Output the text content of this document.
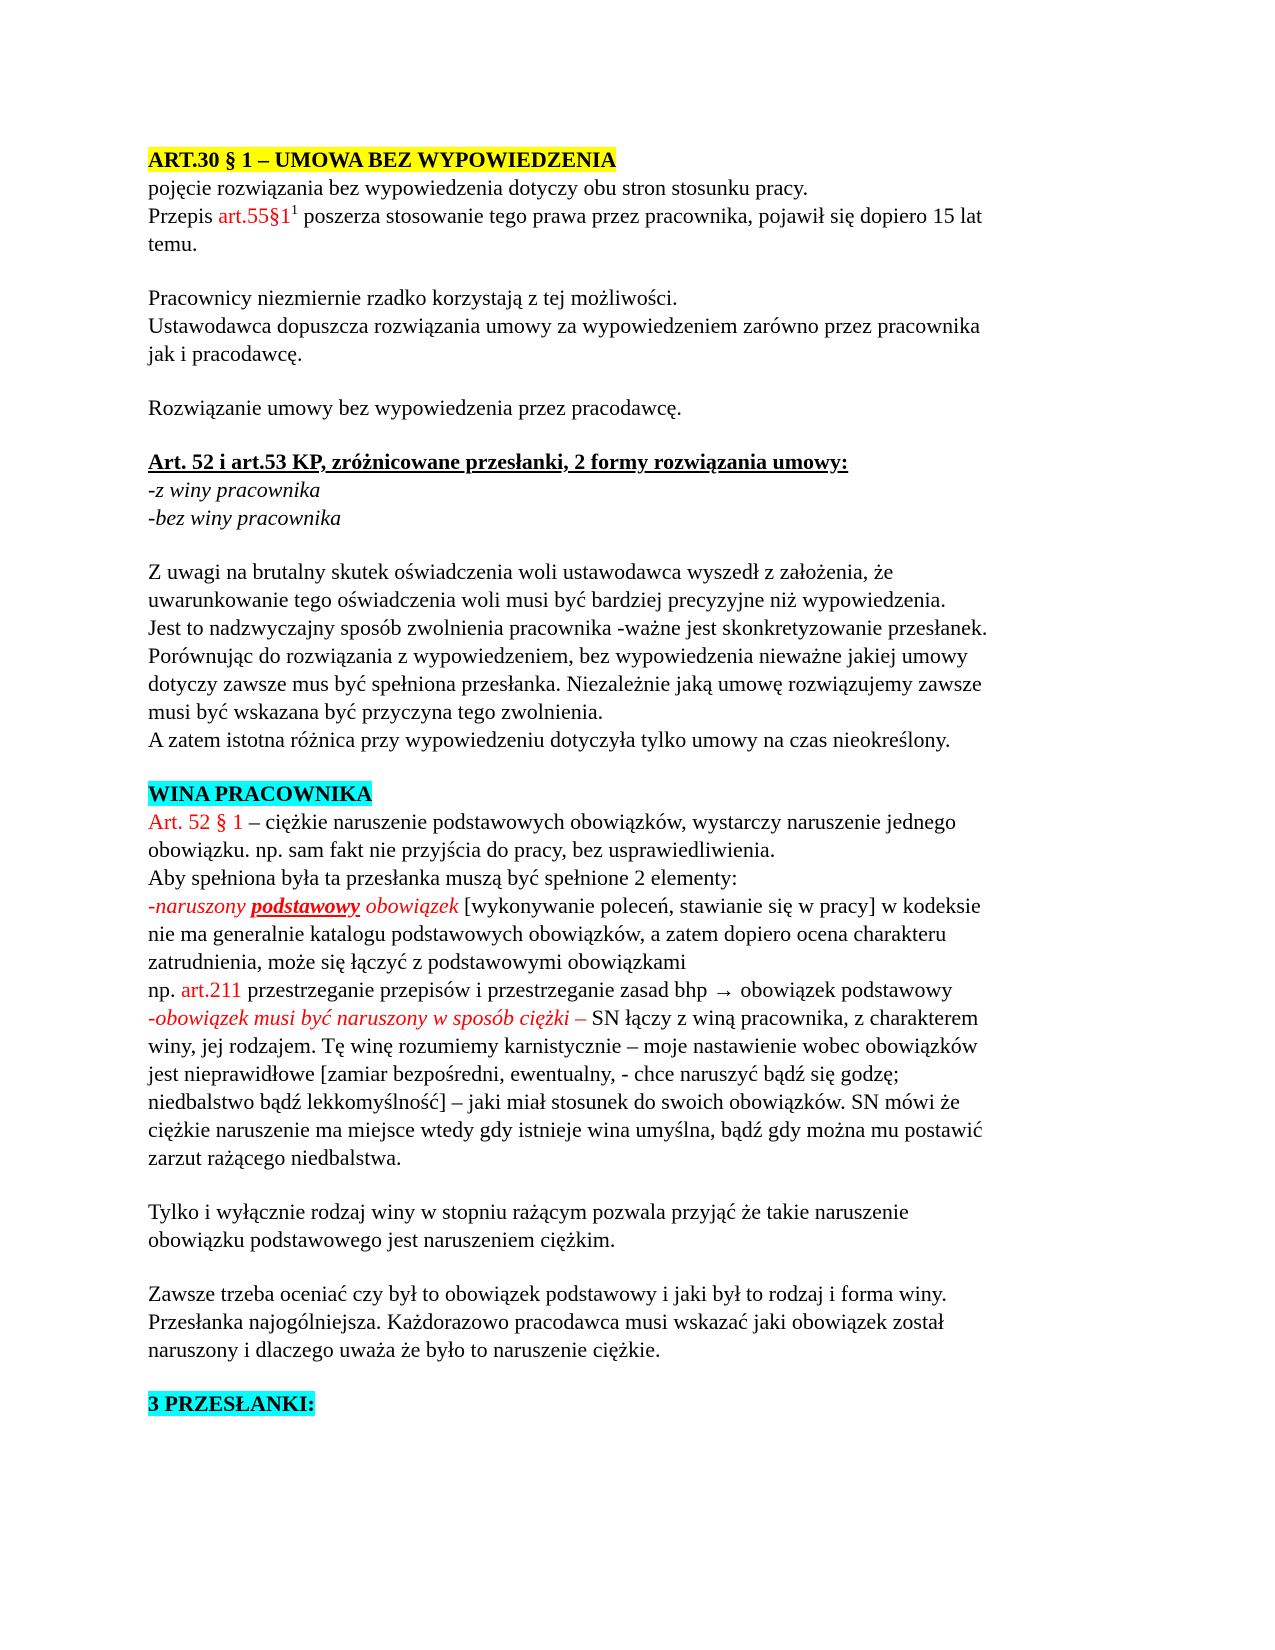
ART.30 § 1 – UMOWA BEZ WYPOWIEDZENIA
pojęcie rozwiązania bez wypowiedzenia dotyczy obu stron stosunku pracy.
Przepis $art.55\S 1^1$ poszerza stosowanie tego prawa przez pracownika, pojawił się dopiero 15 lat
temu.
Pracownicy niezmiernie rzadko korzystają z tej możliwości.
Ustawodawca dopuszcza rozwiązania umowy za wypowiedzeniem zarówno przez pracownika
jak i pracodawcę.
Rozwiązanie umowy bez wypowiedzenia przez pracodawcę.
Art. 52 i art.53 KP, zróżnicowane przesłanki, 2 formy rozwiązania umowy:
-z winy pracownika
-bez winy pracownika
Z uwagi na brutalny skutek oświadczenia woli ustawodawca wyszedł z założenia, że
uwarunkowanie tego oświadczenia woli musi być bardziej precyzyjne niż wypowiedzenia.
Jest to nadzwyczajny sposób zwolnienia pracownika -ważne jest skonkretyzowanie przesłanek.
Porównując do rozwiązania z wypowiedzeniem, bez wypowiedzenia nieważne jakiej umowy
dotyczy zawsze mus być spełniona przesłanka. Niezależnie jaką umowę rozwiązujemy zawsze
musi być wskazana być przyczyna tego zwolnienia.
A zatem istotna różnica przy wypowiedzeniu dotyczyła tylko umowy na czas nieokreślony.
WINA PRACOWNIKA
Art. 52 § 1 – ciężkie naruszenie podstawowych obowiązków, wystarczy naruszenie jednego
obowiązku. np. sam fakt nie przyjścia do pracy, bez usprawiedliwienia.
Aby spełniona była ta przesłanka muszą być spełnione 2 elementy:
-naruszony podstawowy obowiązek [wykonywanie poleceń, stawianie się w pracy] w kodeksie
nie ma generalnie katalogu podstawowych obowiązków, a zatem dopiero ocena charakteru
zatrudnienia, może się łączyć z podstawowymi obowiązkami
np. art.211 przestrzeganie przepisów i przestrzeganie zasad bhp → obowiązek podstawowy
-obowiązek musi być naruszony w sposób ciężki – SN łączy z winą pracownika, z charakterem
winy, jej rodzajem. Tę winę rozumiemy karnistycznie – moje nastawienie wobec obowiązków
jest nieprawidłowe [zamiar bezpośredni, ewentualny, - chce naruszyć bądź się godzę;
niedbalstwo bądź lekkomyślność] – jaki miał stosunek do swoich obowiązków. SN mówi że
ciężkie naruszenie ma miejsce wtedy gdy istnieje wina umyślna, bądź gdy można mu postawić
zarzut rażącego niedbalstwa.
Tylko i wyłącznie rodzaj winy w stopniu rażącym pozwala przyjąć że takie naruszenie
obowiązku podstawowego jest naruszeniem ciężkim.
Zawsze trzeba oceniać czy był to obowiązek podstawowy i jaki był to rodzaj i forma winy.
Przesłanka najogólniejsza. Każdorazowo pracodawca musi wskazać jaki obowiązek został
naruszony i dlaczego uważa że było to naruszenie ciężkie.
3 PRZESŁANKI:
